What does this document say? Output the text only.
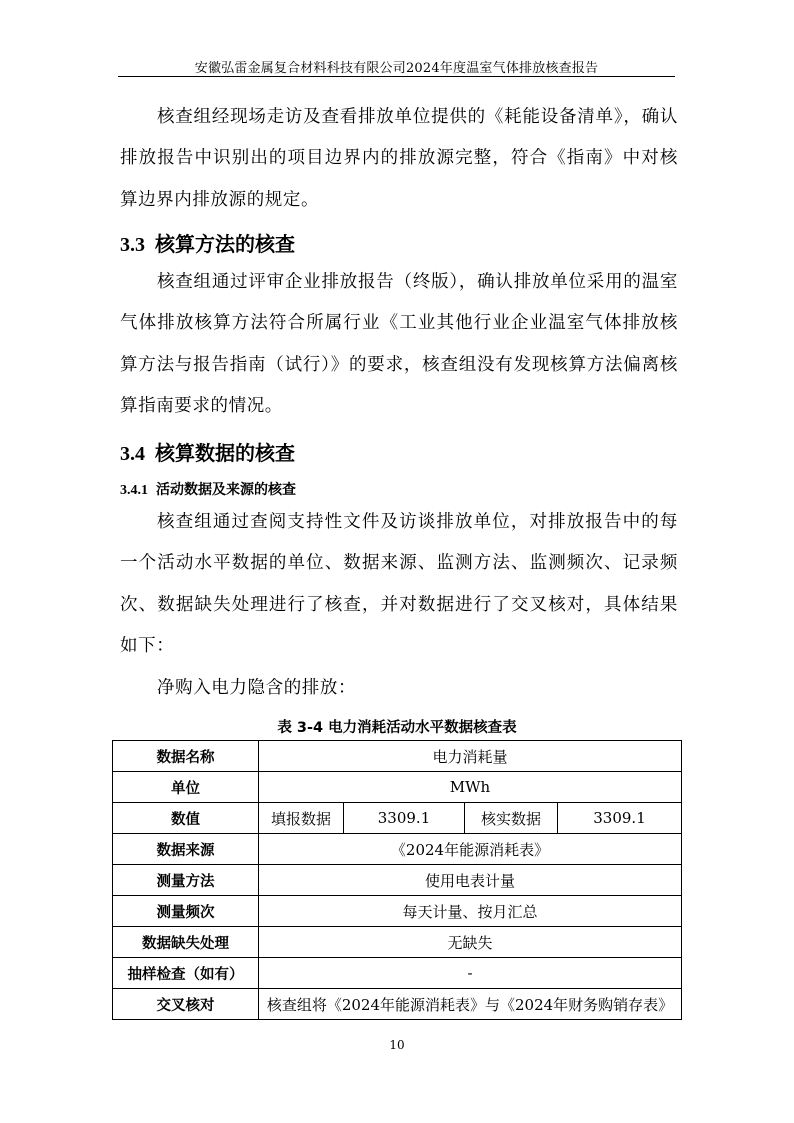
安徽弘雷金属复合材料科技有限公司2024年度温室气体排放核查报告

核查组经现场走访及查看排放单位提供的《耗能设备清单》，确认排放报告中识别出的项目边界内的排放源完整，符合《指南》中对核算边界内排放源的规定。

3.3 核算方法的核查

核查组通过评审企业排放报告（终版），确认排放单位采用的温室气体排放核算方法符合所属行业《工业其他行业企业温室气体排放核算方法与报告指南（试行）》的要求，核查组没有发现核算方法偏离核算指南要求的情况。

3.4 核算数据的核查
3.4.1 活动数据及来源的核查

核查组通过查阅支持性文件及访谈排放单位，对排放报告中的每一个活动水平数据的单位、数据来源、监测方法、监测频次、记录频次、数据缺失处理进行了核查，并对数据进行了交叉核对，具体结果如下：

净购入电力隐含的排放：

表 3-4 电力消耗活动水平数据核查表
数据名称	电力消耗量			
单位	MWh			
数值	填报数据	3309.1	核实数据	3309.1
数据来源	《2024年能源消耗表》			
测量方法	使用电表计量			
测量频次	每天计量、按月汇总			
数据缺失处理	无缺失			
抽样检查（如有）	-			
交叉核对	核查组将《2024年能源消耗表》与《2024年财务购销存表》			
10
